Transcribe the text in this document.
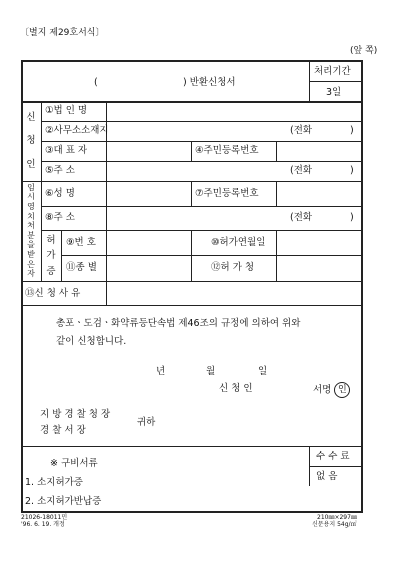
〔별지 제29호서식〕
(앞 쪽)
(	) 반환신청서
처리기간
3일
신
청
인
①법 인 명
②사무소소재지	(전화	)
③대 표 자	④주민등록번호
⑤주 소	(전화	)
임
시
영
치
처
분
을
받
은
자
⑥성 명	⑦주민등록번호
⑧주 소	(전화	)
허
가
증
⑨번 호	⑩허가연월일
⑪종 별	⑫허 가 청
⑬신 청 사 유
총포ㆍ도검ㆍ화약류등단속법 제46조의 규정에 의하여 위와
같이 신청합니다.
년	월	일
신 청 인	서명 인
지 방 경 찰 청 장
경 찰 서 장
귀하
※ 구비서류
1. 소지허가증
2. 소지허가반납증
수 수 료
없 음
21026-18011민
'96. 6. 19. 개정
210㎜×297㎜
신문용지 54g/㎡
